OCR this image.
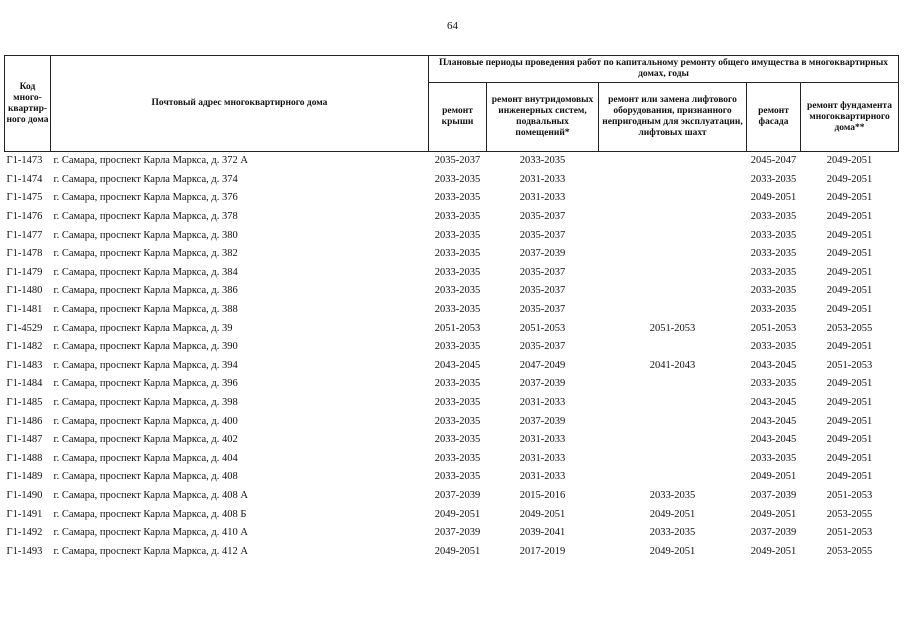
64
Код много-квартир-ного дома	Почтовый адрес многоквартирного дома	Плановые периоды проведения работ по капитальному ремонту общего имущества в многоквартирных домах, годы				
		ремонт крыши	ремонт внутридомовых инженерных систем, подвальных помещений*	ремонт или замена лифтового оборудования, признанного непригодным для эксплуатации, лифтовых шахт	ремонт фасада	ремонт фундамента многоквартирного дома**
Г1-1473	г. Самара, проспект Карла Маркса, д. 372 А	2035-2037	2033-2035		2045-2047	2049-2051
Г1-1474	г. Самара, проспект Карла Маркса, д. 374	2033-2035	2031-2033		2033-2035	2049-2051
Г1-1475	г. Самара, проспект Карла Маркса, д. 376	2033-2035	2031-2033		2049-2051	2049-2051
Г1-1476	г. Самара, проспект Карла Маркса, д. 378	2033-2035	2035-2037		2033-2035	2049-2051
Г1-1477	г. Самара, проспект Карла Маркса, д. 380	2033-2035	2035-2037		2033-2035	2049-2051
Г1-1478	г. Самара, проспект Карла Маркса, д. 382	2033-2035	2037-2039		2033-2035	2049-2051
Г1-1479	г. Самара, проспект Карла Маркса, д. 384	2033-2035	2035-2037		2033-2035	2049-2051
Г1-1480	г. Самара, проспект Карла Маркса, д. 386	2033-2035	2035-2037		2033-2035	2049-2051
Г1-1481	г. Самара, проспект Карла Маркса, д. 388	2033-2035	2035-2037		2033-2035	2049-2051
Г1-4529	г. Самара, проспект Карла Маркса, д. 39	2051-2053	2051-2053	2051-2053	2051-2053	2053-2055
Г1-1482	г. Самара, проспект Карла Маркса, д. 390	2033-2035	2035-2037		2033-2035	2049-2051
Г1-1483	г. Самара, проспект Карла Маркса, д. 394	2043-2045	2047-2049	2041-2043	2043-2045	2051-2053
Г1-1484	г. Самара, проспект Карла Маркса, д. 396	2033-2035	2037-2039		2033-2035	2049-2051
Г1-1485	г. Самара, проспект Карла Маркса, д. 398	2033-2035	2031-2033		2043-2045	2049-2051
Г1-1486	г. Самара, проспект Карла Маркса, д. 400	2033-2035	2037-2039		2043-2045	2049-2051
Г1-1487	г. Самара, проспект Карла Маркса, д. 402	2033-2035	2031-2033		2043-2045	2049-2051
Г1-1488	г. Самара, проспект Карла Маркса, д. 404	2033-2035	2031-2033		2033-2035	2049-2051
Г1-1489	г. Самара, проспект Карла Маркса, д. 408	2033-2035	2031-2033		2049-2051	2049-2051
Г1-1490	г. Самара, проспект Карла Маркса, д. 408 А	2037-2039	2015-2016	2033-2035	2037-2039	2051-2053
Г1-1491	г. Самара, проспект Карла Маркса, д. 408 Б	2049-2051	2049-2051	2049-2051	2049-2051	2053-2055
Г1-1492	г. Самара, проспект Карла Маркса, д. 410 А	2037-2039	2039-2041	2033-2035	2037-2039	2051-2053
Г1-1493	г. Самара, проспект Карла Маркса, д. 412 А	2049-2051	2017-2019	2049-2051	2049-2051	2053-2055
